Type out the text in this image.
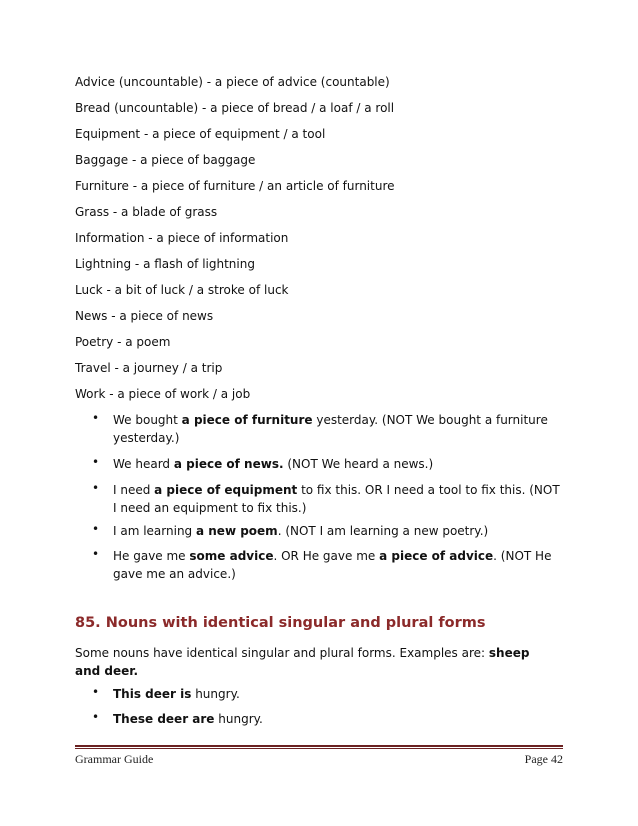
Advice (uncountable) - a piece of advice (countable)
Bread (uncountable) - a piece of bread / a loaf / a roll
Equipment - a piece of equipment / a tool
Baggage - a piece of baggage
Furniture - a piece of furniture / an article of furniture
Grass - a blade of grass
Information - a piece of information
Lightning - a flash of lightning
Luck - a bit of luck / a stroke of luck
News - a piece of news
Poetry - a poem
Travel - a journey / a trip
Work - a piece of work / a job
• We bought a piece of furniture yesterday. (NOT We bought a furniture yesterday.)
• We heard a piece of news. (NOT We heard a news.)
• I need a piece of equipment to fix this. OR I need a tool to fix this. (NOT I need an equipment to fix this.)
• I am learning a new poem. (NOT I am learning a new poetry.)
• He gave me some advice. OR He gave me a piece of advice. (NOT He gave me an advice.)
85. Nouns with identical singular and plural forms
Some nouns have identical singular and plural forms. Examples are: sheep and deer.
• This deer is hungry.
• These deer are hungry.
Grammar Guide	Page 42
